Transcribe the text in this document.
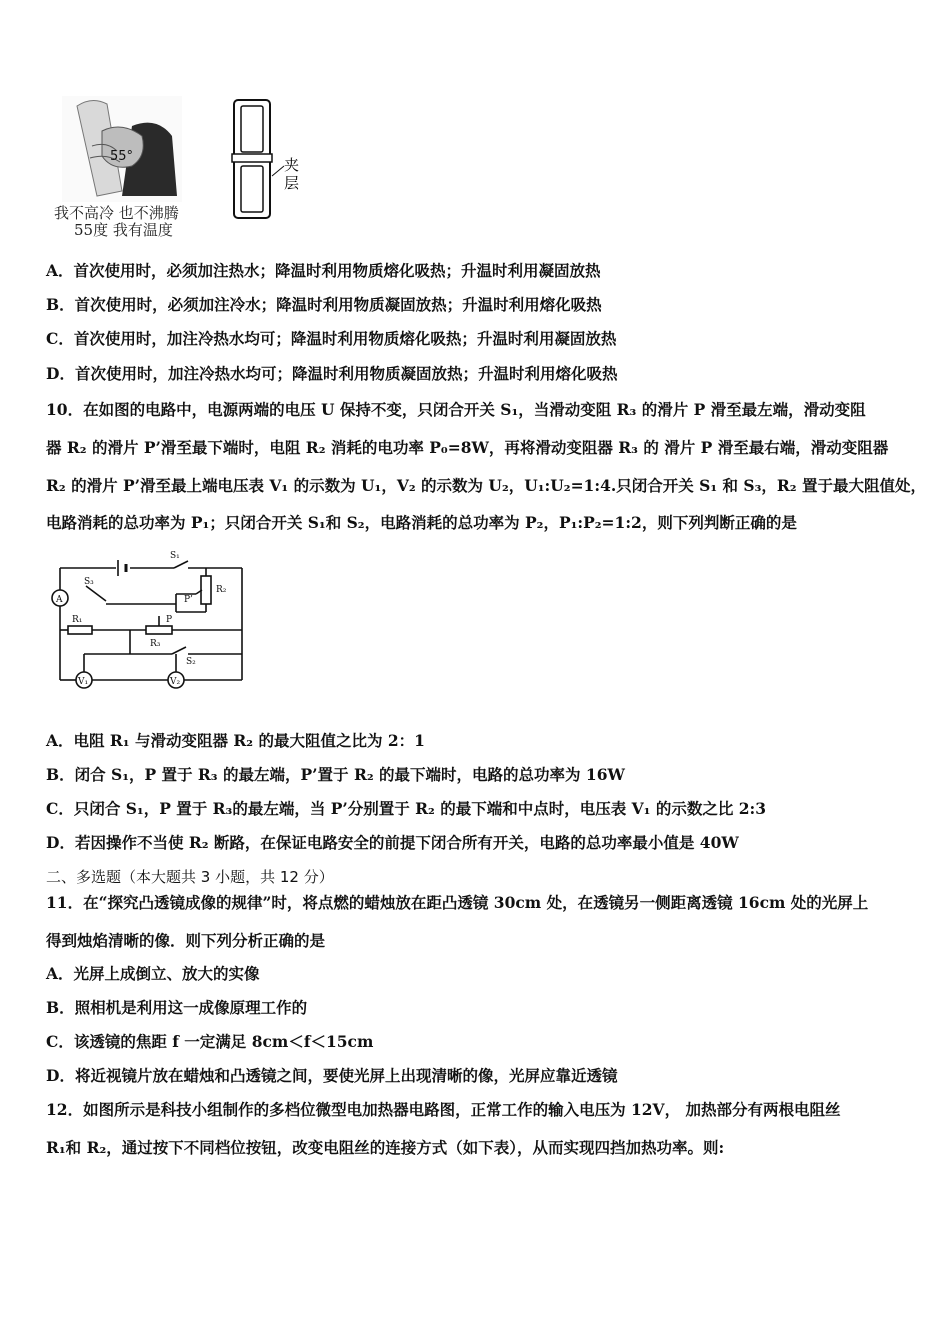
55°
我不高冷 也不沸腾
55度 我有温度
夹
层
A．首次使用时，必须加注热水；降温时利用物质熔化吸热；升温时利用凝固放热
B．首次使用时，必须加注冷水；降温时利用物质凝固放热；升温时利用熔化吸热
C．首次使用时，加注冷热水均可；降温时利用物质熔化吸热；升温时利用凝固放热
D．首次使用时，加注冷热水均可；降温时利用物质凝固放热；升温时利用熔化吸热
10．在如图的电路中，电源两端的电压 U 保持不变，只闭合开关 S₁，当滑动变阻 R₃ 的滑片 P 滑至最左端，滑动变阻
器 R₂ 的滑片 P’滑至最下端时，电阻 R₂ 消耗的电功率 P₀=8W，再将滑动变阻器 R₃ 的 滑片 P 滑至最右端，滑动变阻器
R₂ 的滑片 P’滑至最上端电压表 V₁ 的示数为 U₁，V₂ 的示数为 U₂，U₁:U₂=1:4.只闭合开关 S₁ 和 S₃，R₂ 置于最大阻值处，
电路消耗的总功率为 P₁；只闭合开关 S₁和 S₂，电路消耗的总功率为 P₂，P₁:P₂=1:2，则下列判断正确的是
S₁
S₂
S₃
R₁
R₂
R₃
P
P’
A
V₁	V₂
A．电阻 R₁ 与滑动变阻器 R₂ 的最大阻值之比为 2：1
B．闭合 S₁，P 置于 R₃ 的最左端，P’置于 R₂ 的最下端时，电路的总功率为 16W
C．只闭合 S₁，P 置于 R₃的最左端，当 P’分别置于 R₂ 的最下端和中点时，电压表 V₁ 的示数之比 2:3
D．若因操作不当使 R₂ 断路，在保证电路安全的前提下闭合所有开关，电路的总功率最小值是 40W
二、多选题（本大题共 3 小题，共 12 分）
11．在“探究凸透镜成像的规律”时，将点燃的蜡烛放在距凸透镜 30cm 处，在透镜另一侧距离透镜 16cm 处的光屏上
得到烛焰清晰的像．则下列分析正确的是
A．光屏上成倒立、放大的实像
B．照相机是利用这一成像原理工作的
C．该透镜的焦距 f 一定满足 8cm＜f＜15cm
D．将近视镜片放在蜡烛和凸透镜之间，要使光屏上出现清晰的像，光屏应靠近透镜
12．如图所示是科技小组制作的多档位微型电加热器电路图，正常工作的输入电压为 12V， 加热部分有两根电阻丝
R₁和 R₂，通过按下不同档位按钮，改变电阻丝的连接方式（如下表），从而实现四挡加热功率。则:
